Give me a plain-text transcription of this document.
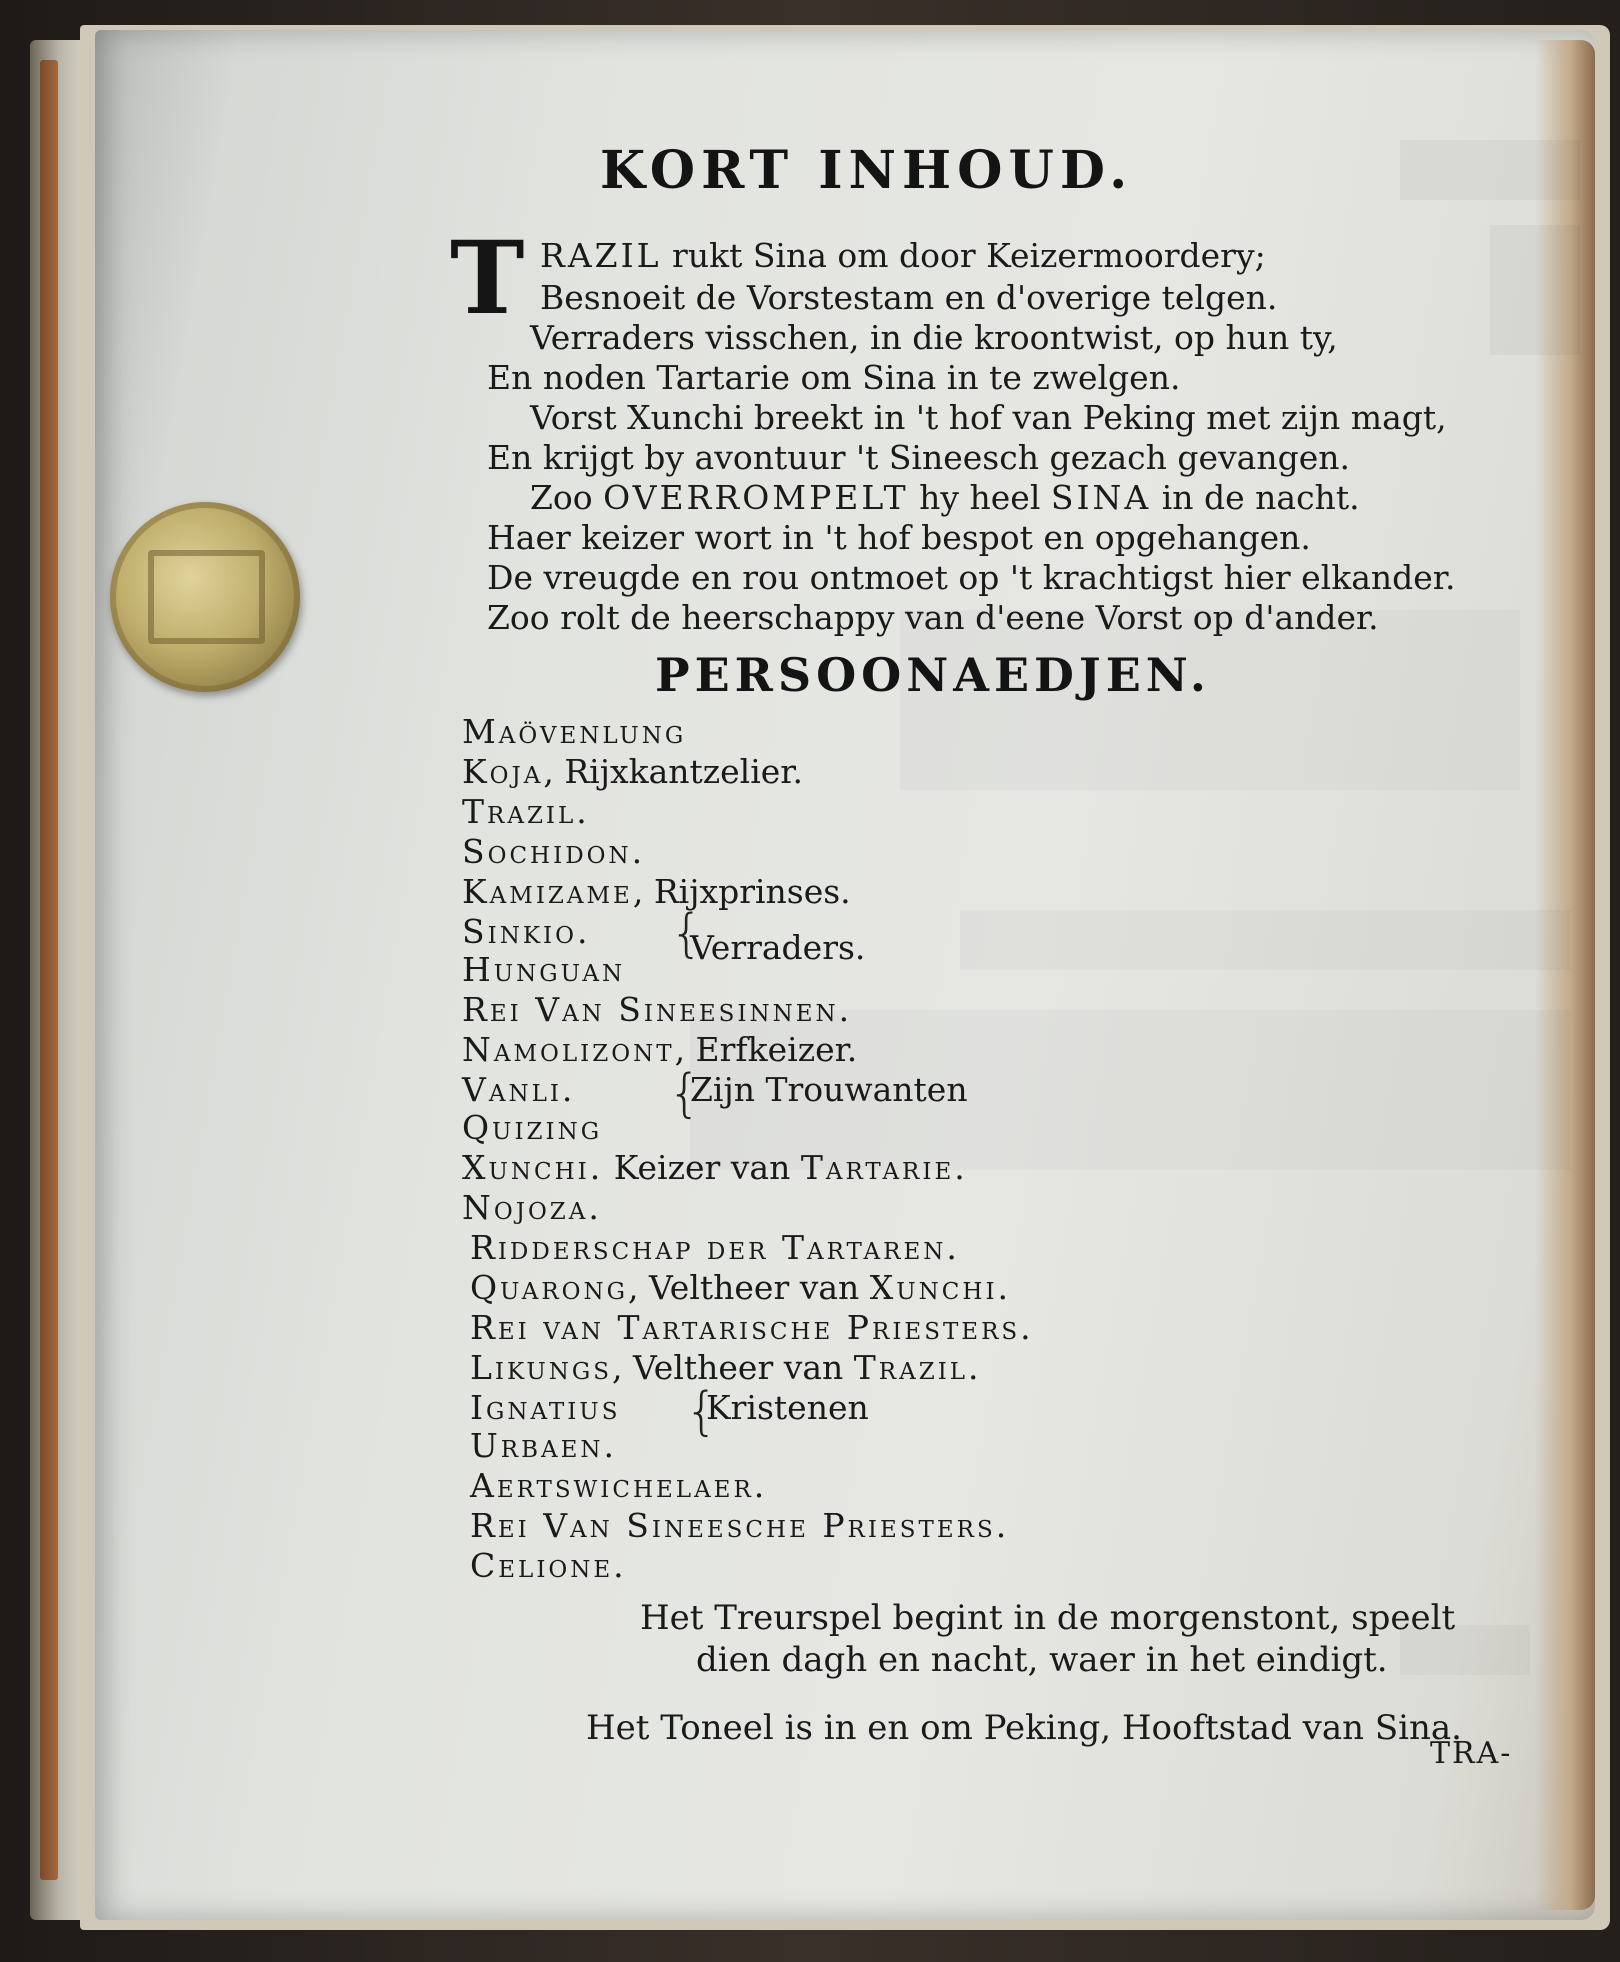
KORT INHOUD.
T RAZIL rukt Sina om door Keizermoordery;
Besnoeit de Vorstestam en d'overige telgen.
Verraders visschen, in die kroontwist, op hun ty,
En noden Tartarie om Sina in te zwelgen.
Vorst Xunchi breekt in 't hof van Peking met zijn magt,
En krijgt by avontuur 't Sineesch gezach gevangen.
Zoo OVERROMPELT hy heel SINA in de nacht.
Haer keizer wort in 't hof bespot en opgehangen.
De vreugde en rou ontmoet op 't krachtigst hier elkander.
Zoo rolt de heerschappy van d'eene Vorst op d'ander.
PERSOONAEDJEN.
Maövenlung
Koja, Rijxkantzelier.
Trazil.
Sochidon.
Kamizame, Rijxprinses.
Sinkio.
Hunguan
{
Verraders.
Rei Van Sineesinnen.
Namolizont, Erfkeizer.
Vanli.
Quizing
{
Zijn Trouwanten
Xunchi. Keizer van Tartarie.
Nojoza.
Ridderschap der Tartaren.
Quarong, Veltheer van Xunchi.
Rei van Tartarische Priesters.
Likungs, Veltheer van Trazil.
Ignatius
Urbaen.
{
Kristenen
Aertswichelaer.
Rei Van Sineesche Priesters.
Celione.
Het Treurspel begint in de morgenstont, speelt
dien dagh en nacht, waer in het eindigt.
Het Toneel is in en om Peking, Hooftstad van Sina.
TRA-
